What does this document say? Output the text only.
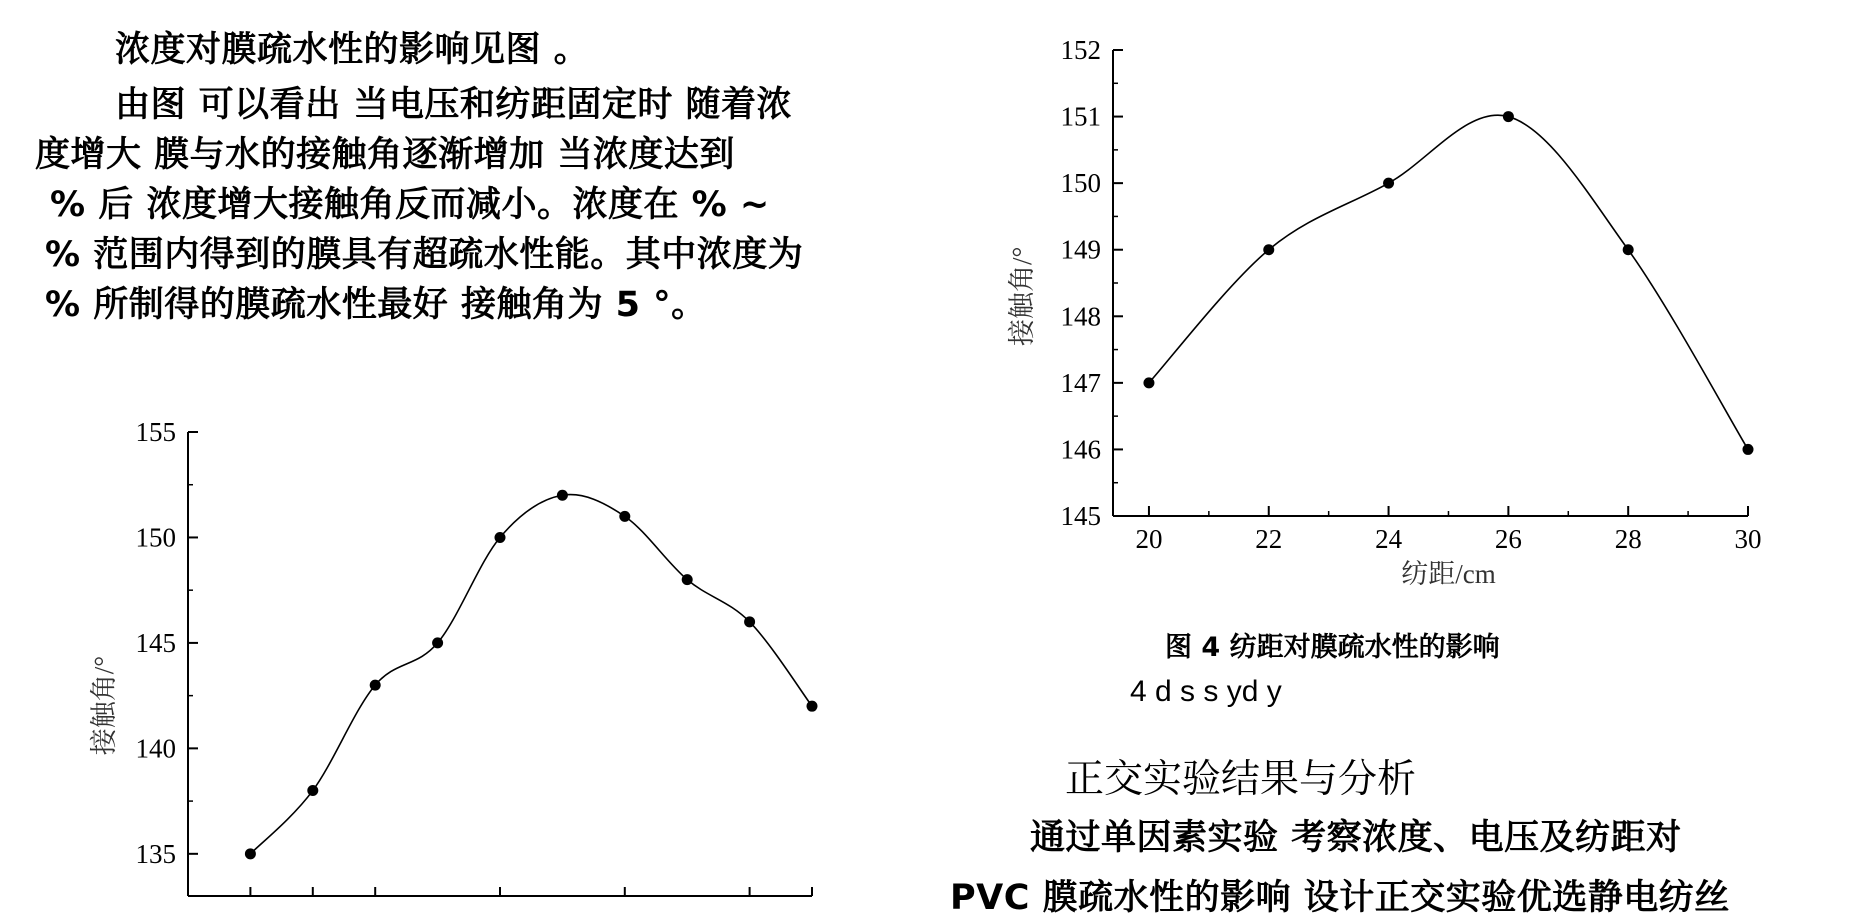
浓度对膜疏水性的影响见图 。

由图 可以看出 当电压和纺距固定时 随着浓

度增大 膜与水的接触角逐渐增加 当浓度达到

% 后 浓度增大接触角反而减小。浓度在 % ~

% 范围内得到的膜具有超疏水性能。其中浓度为

% 所制得的膜疏水性最好 接触角为 5 °。

135
140
145
150
155
接触角/°
145
146
147
148
149
150
151
152
20	22	24	26	28	30
接触角/°
纺距/cm

图 4 纺距对膜疏水性的影响

4 d s s yd y

正交实验结果与分析

通过单因素实验 考察浓度、电压及纺距对

PVC 膜疏水性的影响 设计正交实验优选静电纺丝
